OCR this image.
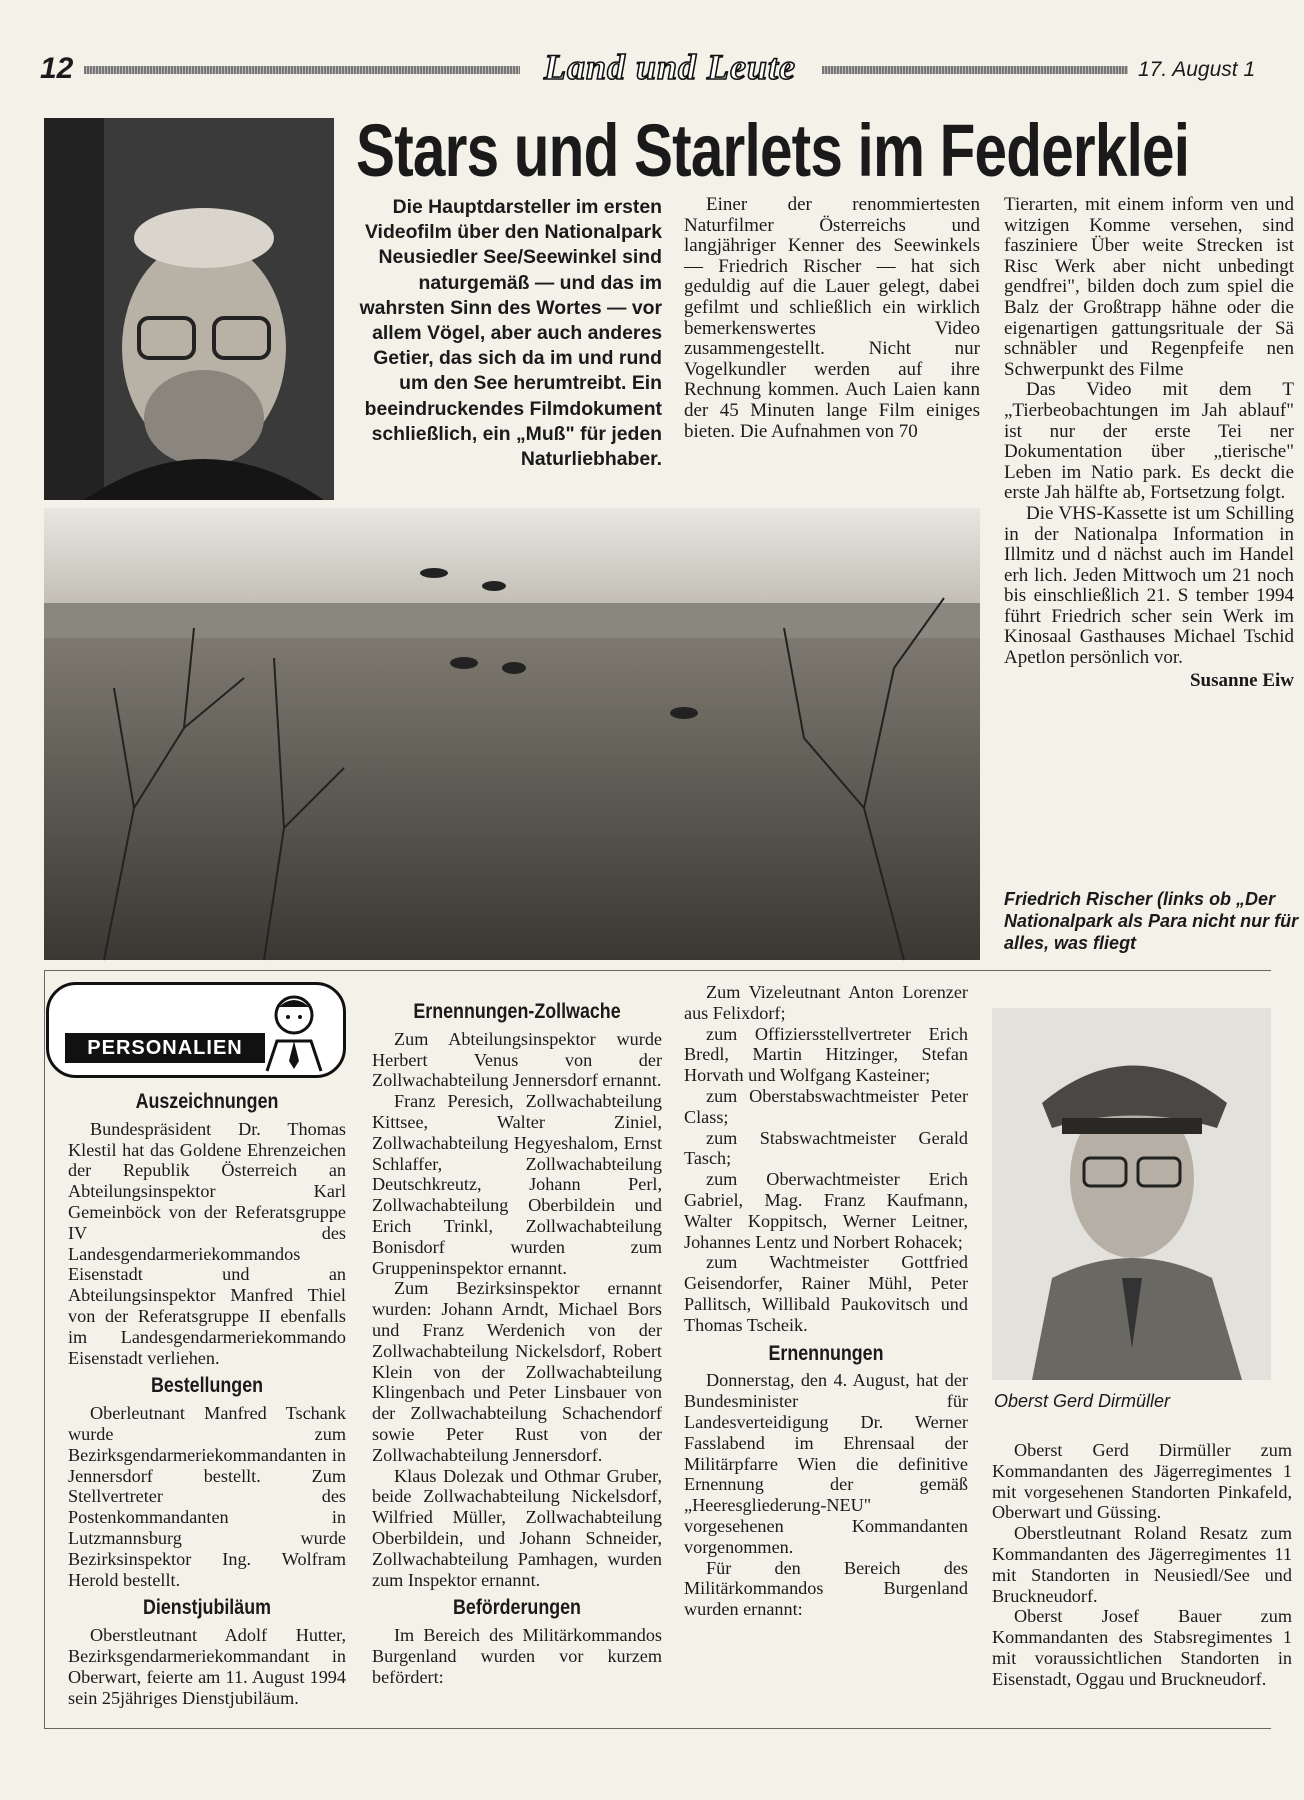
12	Land und Leute	17. August 1
Stars und Starlets im Federklei
Die Hauptdarsteller im ersten Videofilm über den Nationalpark Neusiedler See/Seewinkel sind naturgemäß — und das im wahrsten Sinn des Wortes — vor allem Vögel, aber auch anderes Getier, das sich da im und rund um den See herumtreibt. Ein beeindruckendes Filmdokument schließlich, ein „Muß" für jeden Naturliebhaber.

Einer der renommiertesten Naturfilmer Österreichs und langjähriger Kenner des Seewinkels — Friedrich Rischer — hat sich geduldig auf die Lauer gelegt, dabei gefilmt und schließlich ein wirklich bemerkenswertes Video zusammengestellt. Nicht nur Vogelkundler werden auf ihre Rechnung kommen. Auch Laien kann der 45 Minuten lange Film einiges bieten. Die Aufnahmen von 70

Tierarten, mit einem inform ven und witzigen Komme versehen, sind fasziniere Über weite Strecken ist Risc Werk aber nicht unbedingt gendfrei", bilden doch zum spiel die Balz der Großtrapp hähne oder die eigenartigen gattungsrituale der Sä schnäbler und Regenpfeife nen Schwerpunkt des Filme

Das Video mit dem T „Tierbeobachtungen im Jah ablauf" ist nur der erste Tei ner Dokumentation über „tierische" Leben im Natio park. Es deckt die erste Jah hälfte ab, Fortsetzung folgt.

Die VHS-Kassette ist um Schilling in der Nationalpa Information in Illmitz und d nächst auch im Handel erh lich. Jeden Mittwoch um 21 noch bis einschließlich 21. S tember 1994 führt Friedrich scher sein Werk im Kinosaal Gasthauses Michael Tschid Apetlon persönlich vor.

Susanne Eiw
Friedrich Rischer (links ob „Der Nationalpark als Para nicht nur für alles, was fliegt
PERSONALIEN
Auszeichnungen

Bundespräsident Dr. Thomas Klestil hat das Goldene Ehrenzeichen der Republik Österreich an Abteilungsinspektor Karl Gemeinböck von der Referatsgruppe IV des Landesgendarmeriekommandos Eisenstadt und an Abteilungsinspektor Manfred Thiel von der Referatsgruppe II ebenfalls im Landesgendarmeriekommando Eisenstadt verliehen.

Bestellungen

Oberleutnant Manfred Tschank wurde zum Bezirksgendarmeriekommandanten in Jennersdorf bestellt. Zum Stellvertreter des Postenkommandanten in Lutzmannsburg wurde Bezirksinspektor Ing. Wolfram Herold bestellt.

Dienstjubiläum

Oberstleutnant Adolf Hutter, Bezirksgendarmeriekommandant in Oberwart, feierte am 11. August 1994 sein 25jähriges Dienstjubiläum.

Ernennungen-Zollwache

Zum Abteilungsinspektor wurde Herbert Venus von der Zollwachabteilung Jennersdorf ernannt.

Franz Peresich, Zollwachabteilung Kittsee, Walter Ziniel, Zollwachabteilung Hegyeshalom, Ernst Schlaffer, Zollwachabteilung Deutschkreutz, Johann Perl, Zollwachabteilung Oberbildein und Erich Trinkl, Zollwachabteilung Bonisdorf wurden zum Gruppeninspektor ernannt.

Zum Bezirksinspektor ernannt wurden: Johann Arndt, Michael Bors und Franz Werdenich von der Zollwachabteilung Nickelsdorf, Robert Klein von der Zollwachabteilung Klingenbach und Peter Linsbauer von der Zollwachabteilung Schachendorf sowie Peter Rust von der Zollwachabteilung Jennersdorf.

Klaus Dolezak und Othmar Gruber, beide Zollwachabteilung Nickelsdorf, Wilfried Müller, Zollwachabteilung Oberbildein, und Johann Schneider, Zollwachabteilung Pamhagen, wurden zum Inspektor ernannt.

Beförderungen

Im Bereich des Militärkommandos Burgenland wurden vor kurzem befördert:

Zum Vizeleutnant Anton Lorenzer aus Felixdorf;

zum Offiziersstellvertreter Erich Bredl, Martin Hitzinger, Stefan Horvath und Wolfgang Kasteiner;

zum Oberstabswachtmeister Peter Class;

zum Stabswachtmeister Gerald Tasch;

zum Oberwachtmeister Erich Gabriel, Mag. Franz Kaufmann, Walter Koppitsch, Werner Leitner, Johannes Lentz und Norbert Rohacek;

zum Wachtmeister Gottfried Geisendorfer, Rainer Mühl, Peter Pallitsch, Willibald Paukovitsch und Thomas Tscheik.

Ernennungen

Donnerstag, den 4. August, hat der Bundesminister für Landesverteidigung Dr. Werner Fasslabend im Ehrensaal der Militärpfarre Wien die definitive Ernennung der gemäß „Heeresgliederung-NEU" vorgesehenen Kommandanten vorgenommen.

Für den Bereich des Militärkommandos Burgenland wurden ernannt:

Oberst Gerd Dirmüller

Oberst Gerd Dirmüller zum Kommandanten des Jägerregimentes 1 mit vorgesehenen Standorten Pinkafeld, Oberwart und Güssing.

Oberstleutnant Roland Resatz zum Kommandanten des Jägerregimentes 11 mit Standorten in Neusiedl/See und Bruckneudorf.

Oberst Josef Bauer zum Kommandanten des Stabsregimentes 1 mit voraussichtlichen Standorten in Eisenstadt, Oggau und Bruckneudorf.
